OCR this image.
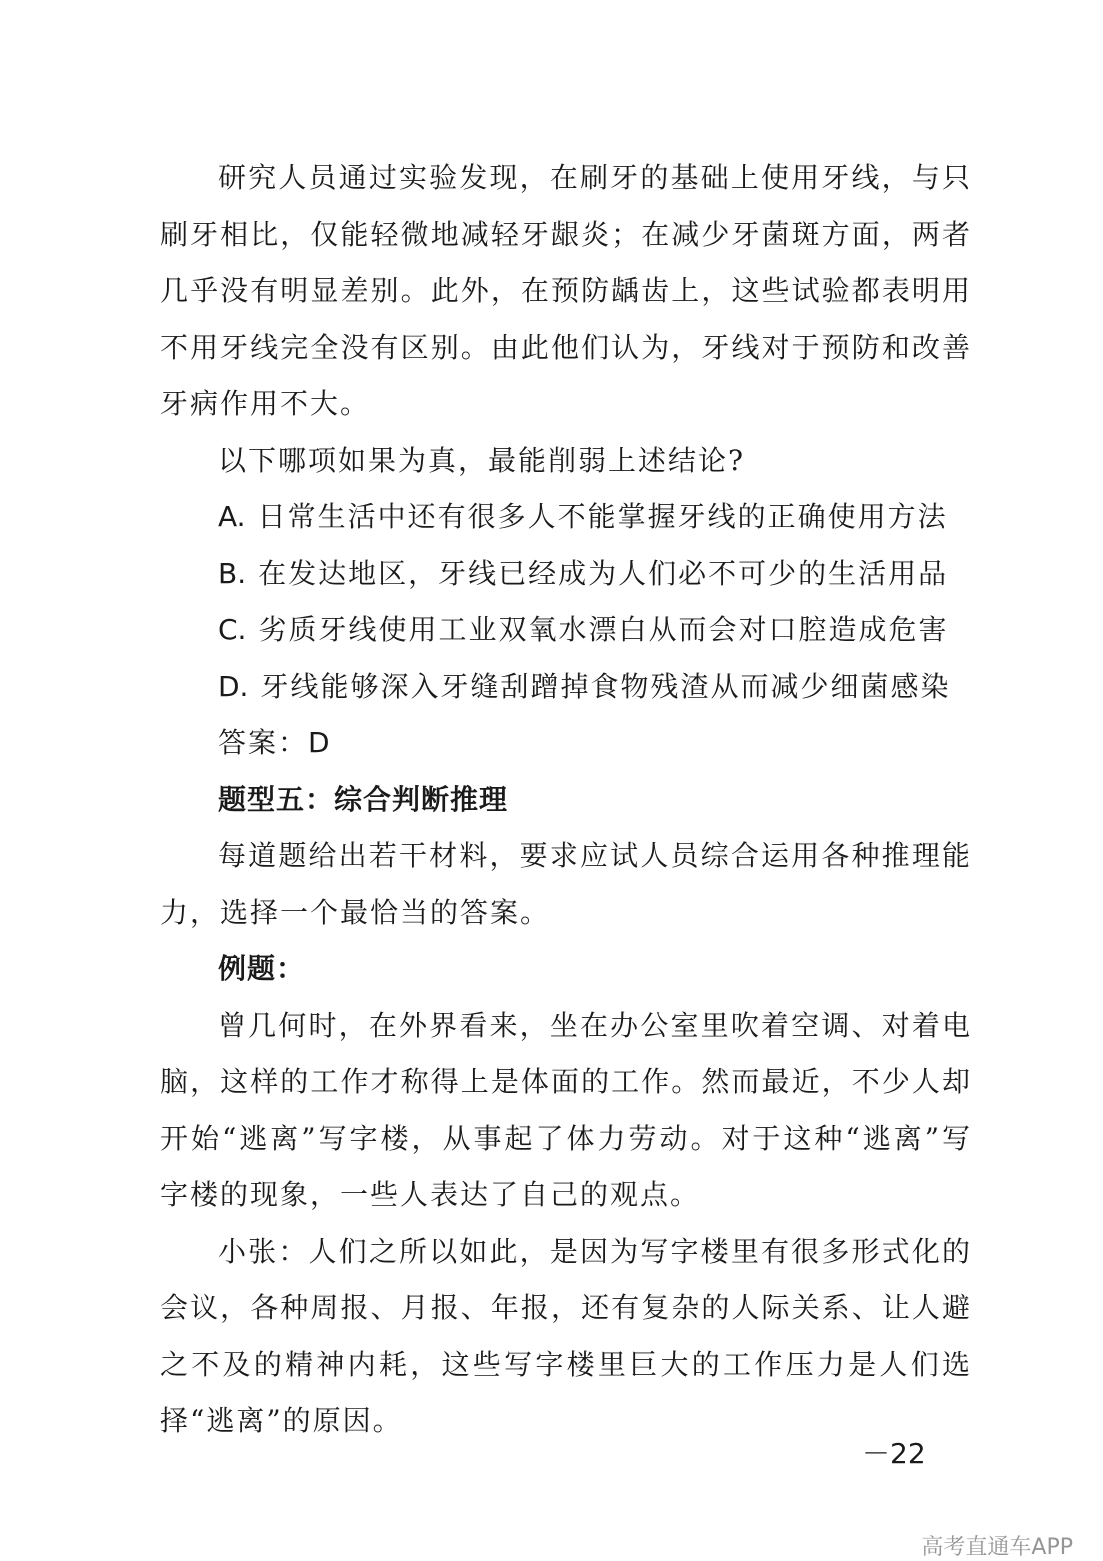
研究人员通过实验发现，在刷牙的基础上使用牙线，与只刷牙相比，仅能轻微地减轻牙龈炎；在减少牙菌斑方面，两者几乎没有明显差别。此外，在预防龋齿上，这些试验都表明用不用牙线完全没有区别。由此他们认为，牙线对于预防和改善牙病作用不大。

以下哪项如果为真，最能削弱上述结论?

A. 日常生活中还有很多人不能掌握牙线的正确使用方法

B. 在发达地区，牙线已经成为人们必不可少的生活用品

C. 劣质牙线使用工业双氧水漂白从而会对口腔造成危害

D. 牙线能够深入牙缝刮蹭掉食物残渣从而减少细菌感染

答案：D

题型五：综合判断推理

每道题给出若干材料，要求应试人员综合运用各种推理能力，选择一个最恰当的答案。

例题：

曾几何时，在外界看来，坐在办公室里吹着空调、对着电脑，这样的工作才称得上是体面的工作。然而最近，不少人却开始“逃离”写字楼，从事起了体力劳动。对于这种“逃离”写字楼的现象，一些人表达了自己的观点。

小张：人们之所以如此，是因为写字楼里有很多形式化的会议，各种周报、月报、年报，还有复杂的人际关系、让人避之不及的精神内耗，这些写字楼里巨大的工作压力是人们选择“逃离”的原因。

－22
高考直通车APP
